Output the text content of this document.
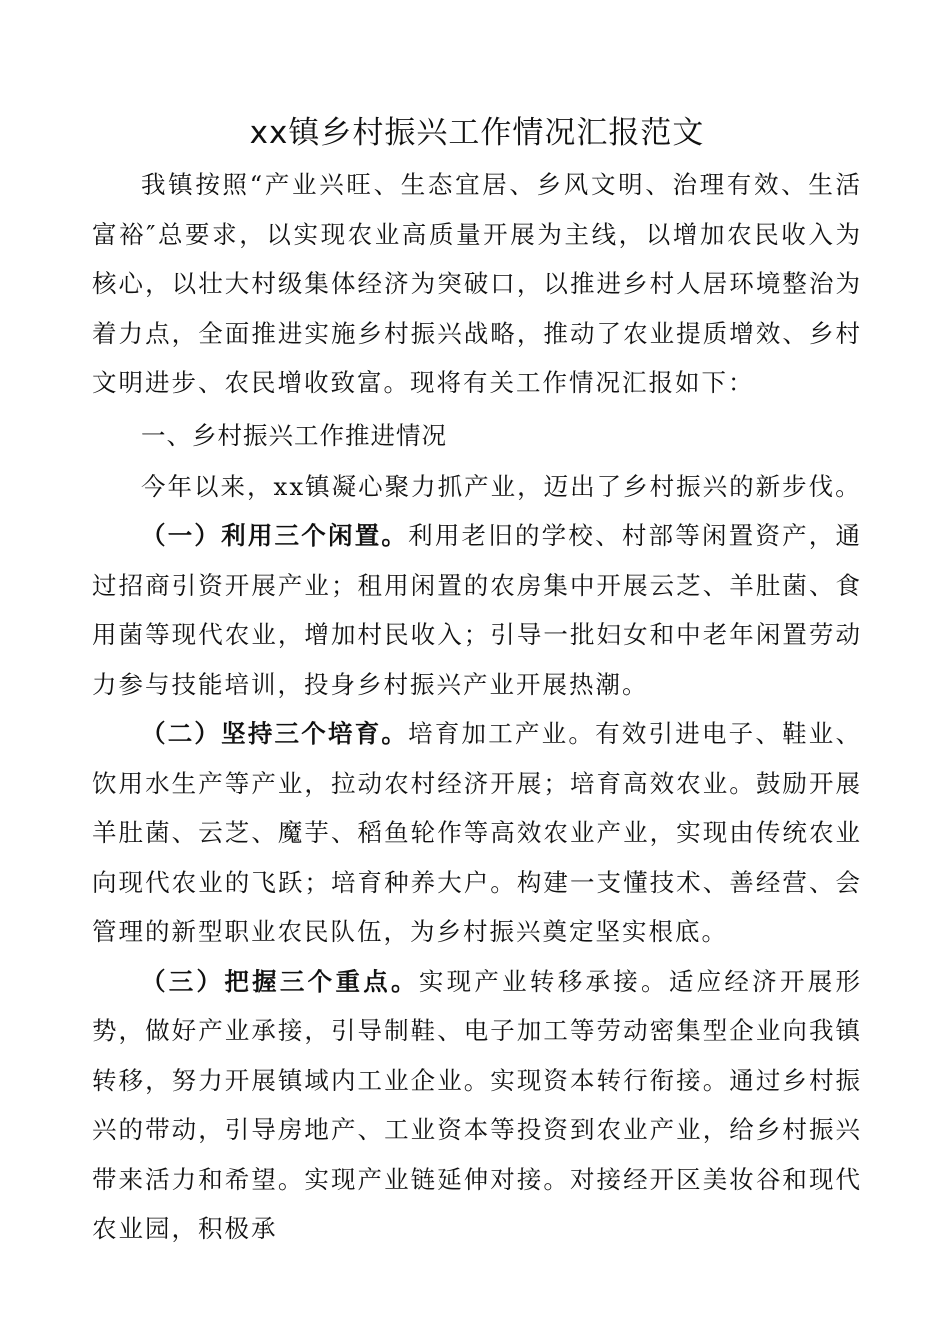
xx镇乡村振兴工作情况汇报范文

我镇按照“产业兴旺、生态宜居、乡风文明、治理有效、生活富裕″总要求，以实现农业高质量开展为主线，以增加农民收入为核心，以壮大村级集体经济为突破口，以推进乡村人居环境整治为着力点，全面推进实施乡村振兴战略，推动了农业提质增效、乡村文明进步、农民增收致富。现将有关工作情况汇报如下：

一、乡村振兴工作推进情况

今年以来，xx镇凝心聚力抓产业，迈出了乡村振兴的新步伐。

（一）利用三个闲置。利用老旧的学校、村部等闲置资产，通过招商引资开展产业；租用闲置的农房集中开展云芝、羊肚菌、食用菌等现代农业，增加村民收入；引导一批妇女和中老年闲置劳动力参与技能培训，投身乡村振兴产业开展热潮。

（二）坚持三个培育。培育加工产业。有效引进电子、鞋业、饮用水生产等产业，拉动农村经济开展；培育高效农业。鼓励开展羊肚菌、云芝、魔芋、稻鱼轮作等高效农业产业，实现由传统农业向现代农业的飞跃；培育种养大户。构建一支懂技术、善经营、会管理的新型职业农民队伍，为乡村振兴奠定坚实根底。

（三）把握三个重点。实现产业转移承接。适应经济开展形势，做好产业承接，引导制鞋、电子加工等劳动密集型企业向我镇转移，努力开展镇域内工业企业。实现资本转行衔接。通过乡村振兴的带动，引导房地产、工业资本等投资到农业产业，给乡村振兴带来活力和希望。实现产业链延伸对接。对接经开区美妆谷和现代农业园，积极承
